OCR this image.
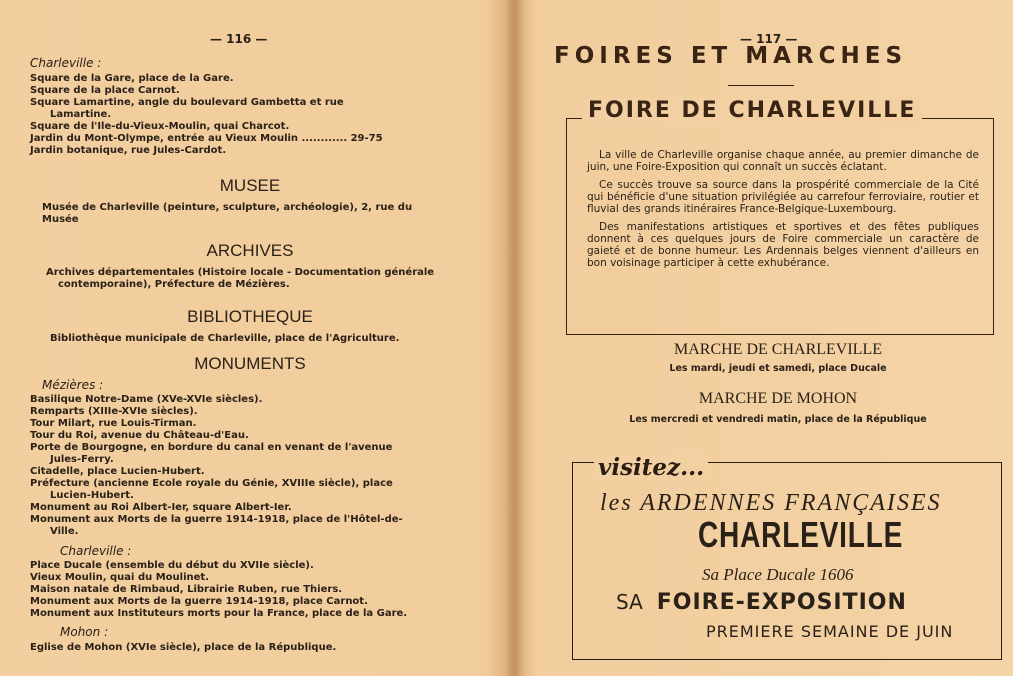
— 116 —
Charleville :
Square de la Gare, place de la Gare.
Square de la place Carnot.
Square Lamartine, angle du boulevard Gambetta et rue
Lamartine.
Square de l'Ile-du-Vieux-Moulin, quai Charcot.
Jardin du Mont-Olympe, entrée au Vieux Moulin ............ 29-75
Jardin botanique, rue Jules-Cardot.
MUSEE
Musée de Charleville (peinture, sculpture, archéologie), 2, rue du
Musée
ARCHIVES
Archives départementales (Histoire locale - Documentation générale
contemporaine), Préfecture de Mézières.
BIBLIOTHEQUE
Bibliothèque municipale de Charleville, place de l'Agriculture.
MONUMENTS
Mézières :
Basilique Notre-Dame (XVe-XVIe siècles).
Remparts (XIIIe-XVIe siècles).
Tour Milart, rue Louis-Tirman.
Tour du Roi, avenue du Château-d'Eau.
Porte de Bourgogne, en bordure du canal en venant de l'avenue
Jules-Ferry.
Citadelle, place Lucien-Hubert.
Préfecture (ancienne Ecole royale du Génie, XVIIIe siècle), place
Lucien-Hubert.
Monument au Roi Albert-Ier, square Albert-Ier.
Monument aux Morts de la guerre 1914-1918, place de l'Hôtel-de-
Ville.
Charleville :
Place Ducale (ensemble du début du XVIIe siècle).
Vieux Moulin, quai du Moulinet.
Maison natale de Rimbaud, Librairie Ruben, rue Thiers.
Monument aux Morts de la guerre 1914-1918, place Carnot.
Monument aux Instituteurs morts pour la France, place de la Gare.
Mohon :
Eglise de Mohon (XVIe siècle), place de la République.
— 117 —
FOIRES ET MARCHES

La ville de Charleville organise chaque année, au premier dimanche de juin, une Foire-Exposition qui connaît un succès éclatant.

Ce succès trouve sa source dans la prospérité commerciale de la Cité qui bénéficie d'une situation privilégiée au carrefour ferroviaire, routier et fluvial des grands itinéraires France-Belgique-Luxembourg.

Des manifestations artistiques et sportives et des fêtes publiques donnent à ces quelques jours de Foire commerciale un caractère de gaieté et de bonne humeur. Les Ardennais belges viennent d'ailleurs en bon voisinage participer à cette exhubérance.

FOIRE DE CHARLEVILLE
MARCHE DE CHARLEVILLE
Les mardi, jeudi et samedi, place Ducale
MARCHE DE MOHON
Les mercredi et vendredi matin, place de la République
visitez...
les ARDENNES FRANÇAISES
CHARLEVILLE
Sa Place Ducale 1606
SA FOIRE-EXPOSITION
PREMIERE SEMAINE DE JUIN
